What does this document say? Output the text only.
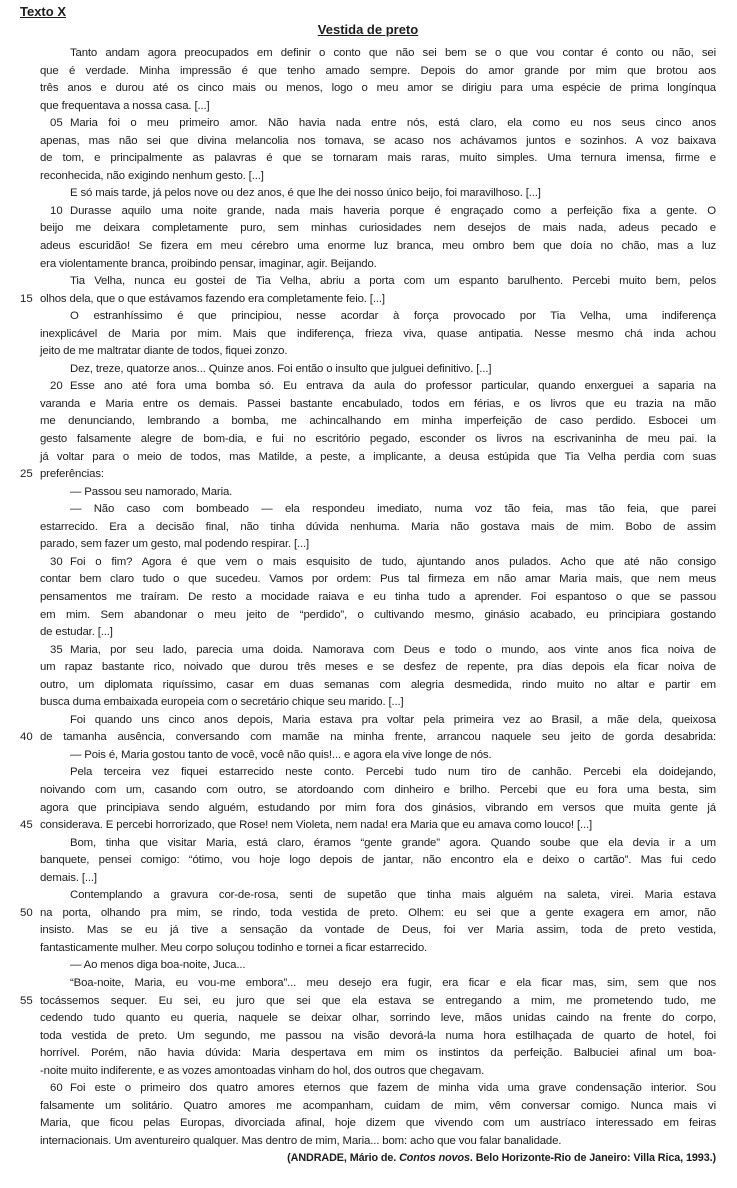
Texto X
Vestida de preto
Tanto andam agora preocupados em definir o conto que não sei bem se o que vou contar é conto ou não, sei
que é verdade. Minha impressão é que tenho amado sempre. Depois do amor grande por mim que brotou aos
três anos e durou até os cinco mais ou menos, logo o meu amor se dirigiu para uma espécie de prima longínqua
que frequentava a nossa casa. [...]
05 Maria foi o meu primeiro amor. Não havia nada entre nós, está claro, ela como eu nos seus cinco anos
apenas, mas não sei que divina melancolia nos tomava, se acaso nos achávamos juntos e sozinhos. A voz baixava
de tom, e principalmente as palavras é que se tornaram mais raras, muito simples. Uma ternura imensa, firme e
reconhecida, não exigindo nenhum gesto. [...]
E só mais tarde, já pelos nove ou dez anos, é que lhe dei nosso único beijo, foi maravilhoso. [...]
10 Durasse aquilo uma noite grande, nada mais haveria porque é engraçado como a perfeição fixa a gente. O
beijo me deixara completamente puro, sem minhas curiosidades nem desejos de mais nada, adeus pecado e
adeus escuridão! Se fizera em meu cérebro uma enorme luz branca, meu ombro bem que doía no chão, mas a luz
era violentamente branca, proibindo pensar, imaginar, agir. Beijando.
Tia Velha, nunca eu gostei de Tia Velha, abriu a porta com um espanto barulhento. Percebi muito bem, pelos
15 olhos dela, que o que estávamos fazendo era completamente feio. [...]
O estranhíssimo é que principiou, nesse acordar à força provocado por Tia Velha, uma indiferença
inexplicável de Maria por mim. Mais que indiferença, frieza viva, quase antipatia. Nesse mesmo chá inda achou
jeito de me maltratar diante de todos, fiquei zonzo.
Dez, treze, quatorze anos... Quinze anos. Foi então o insulto que julguei definitivo. [...]
20 Esse ano até fora uma bomba só. Eu entrava da aula do professor particular, quando enxerguei a saparia na
varanda e Maria entre os demais. Passei bastante encabulado, todos em férias, e os livros que eu trazia na mão
me denunciando, lembrando a bomba, me achincalhando em minha imperfeição de caso perdido. Esbocei um
gesto falsamente alegre de bom-dia, e fui no escritório pegado, esconder os livros na escrivaninha de meu pai. Ia
já voltar para o meio de todos, mas Matilde, a peste, a implicante, a deusa estúpida que Tia Velha perdia com suas
25 preferências:
— Passou seu namorado, Maria.
— Não caso com bombeado — ela respondeu imediato, numa voz tão feia, mas tão feia, que parei
estarrecido. Era a decisão final, não tinha dúvida nenhuma. Maria não gostava mais de mim. Bobo de assim
parado, sem fazer um gesto, mal podendo respirar. [...]
30 Foi o fim? Agora é que vem o mais esquisito de tudo, ajuntando anos pulados. Acho que até não consigo
contar bem claro tudo o que sucedeu. Vamos por ordem: Pus tal firmeza em não amar Maria mais, que nem meus
pensamentos me traíram. De resto a mocidade raiava e eu tinha tudo a aprender. Foi espantoso o que se passou
em mim. Sem abandonar o meu jeito de “perdido”, o cultivando mesmo, ginásio acabado, eu principiara gostando
de estudar. [...]
35 Maria, por seu lado, parecia uma doida. Namorava com Deus e todo o mundo, aos vinte anos fica noiva de
um rapaz bastante rico, noivado que durou três meses e se desfez de repente, pra dias depois ela ficar noiva de
outro, um diplomata riquíssimo, casar em duas semanas com alegria desmedida, rindo muito no altar e partir em
busca duma embaixada europeia com o secretário chique seu marido. [...]
Foi quando uns cinco anos depois, Maria estava pra voltar pela primeira vez ao Brasil, a mãe dela, queixosa
40 de tamanha ausência, conversando com mamãe na minha frente, arrancou naquele seu jeito de gorda desabrida:
— Pois é, Maria gostou tanto de você, você não quis!... e agora ela vive longe de nós.
Pela terceira vez fiquei estarrecido neste conto. Percebi tudo num tiro de canhão. Percebi ela doidejando,
noivando com um, casando com outro, se atordoando com dinheiro e brilho. Percebi que eu fora uma besta, sim
agora que principiava sendo alguém, estudando por mim fora dos ginásios, vibrando em versos que muita gente já
45 considerava. E percebi horrorizado, que Rose! nem Violeta, nem nada! era Maria que eu amava como louco! [...]
Bom, tinha que visitar Maria, está claro, éramos “gente grande” agora. Quando soube que ela devia ir a um
banquete, pensei comigo: “ótimo, vou hoje logo depois de jantar, não encontro ela e deixo o cartão”. Mas fui cedo
demais. [...]
Contemplando a gravura cor-de-rosa, senti de supetão que tinha mais alguém na saleta, virei. Maria estava
50 na porta, olhando pra mim, se rindo, toda vestida de preto. Olhem: eu sei que a gente exagera em amor, não
insisto. Mas se eu já tive a sensação da vontade de Deus, foi ver Maria assim, toda de preto vestida,
fantasticamente mulher. Meu corpo soluçou todinho e tornei a ficar estarrecido.
— Ao menos diga boa-noite, Juca...
“Boa-noite, Maria, eu vou-me embora”... meu desejo era fugir, era ficar e ela ficar mas, sim, sem que nos
55 tocássemos sequer. Eu sei, eu juro que sei que ela estava se entregando a mim, me prometendo tudo, me
cedendo tudo quanto eu queria, naquele se deixar olhar, sorrindo leve, mãos unidas caindo na frente do corpo,
toda vestida de preto. Um segundo, me passou na visão devorá-la numa hora estilhaçada de quarto de hotel, foi
horrível. Porém, não havia dúvida: Maria despertava em mim os instintos da perfeição. Balbuciei afinal um boa-
-noite muito indiferente, e as vozes amontoadas vinham do hol, dos outros que chegavam.
60 Foi este o primeiro dos quatro amores eternos que fazem de minha vida uma grave condensação interior. Sou
falsamente um solitário. Quatro amores me acompanham, cuidam de mim, vêm conversar comigo. Nunca mais vi
Maria, que ficou pelas Europas, divorciada afinal, hoje dizem que vivendo com um austríaco interessado em feiras
internacionais. Um aventureiro qualquer. Mas dentro de mim, Maria... bom: acho que vou falar banalidade.
(ANDRADE, Mário de. Contos novos. Belo Horizonte-Rio de Janeiro: Villa Rica, 1993.)
